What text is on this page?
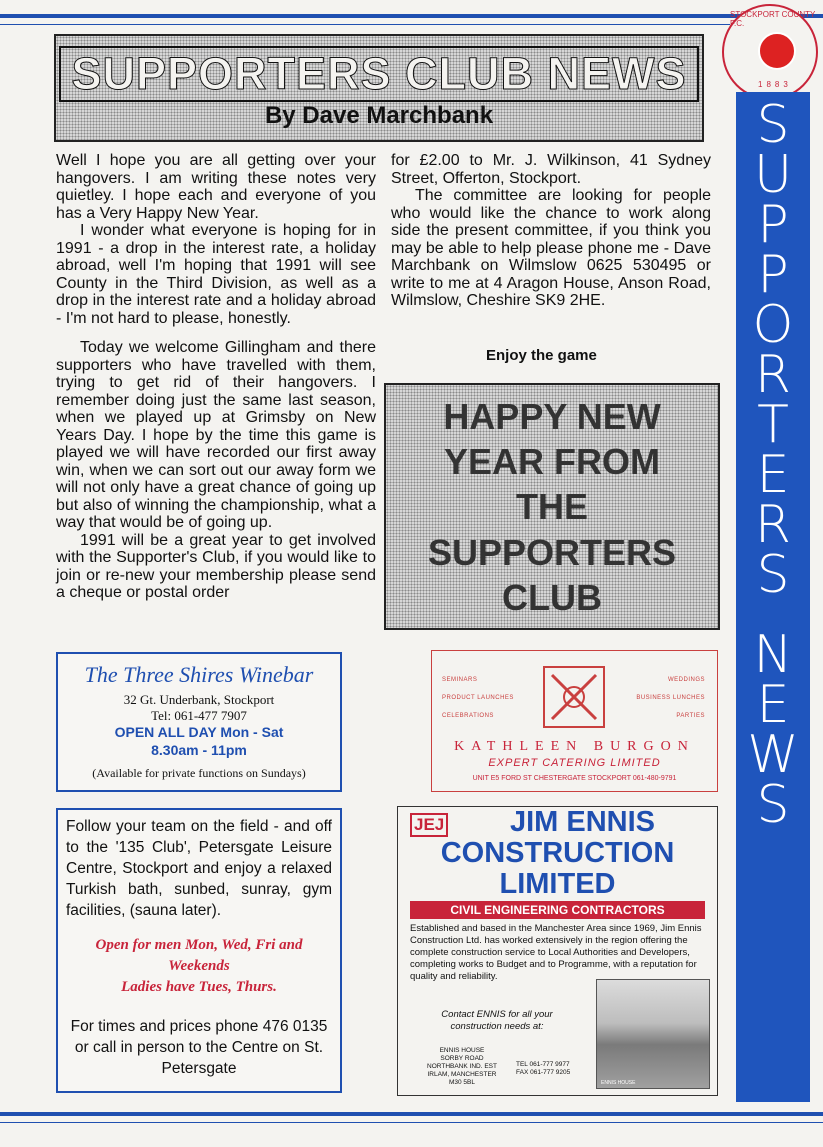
SUPPORTERS CLUB NEWS
By Dave Marchbank
STOCKPORT COUNTY F.C.
1883
S
U
P
P
O
R
T
E
R
S
N
E
W
S

Well I hope you are all getting over your hangovers. I am writing these notes very quietley. I hope each and everyone of you has a Very Happy New Year.

I wonder what everyone is hoping for in 1991 - a drop in the interest rate, a holiday abroad, well I'm hoping that 1991 will see County in the Third Division, as well as a drop in the interest rate and a holiday abroad - I'm not hard to please, honestly.

Today we welcome Gillingham and there supporters who have travelled with them, trying to get rid of their hangovers. I remember doing just the same last season, when we played up at Grimsby on New Years Day. I hope by the time this game is played we will have recorded our first away win, when we can sort out our away form we will not only have a great chance of going up but also of winning the championship, what a way that would be of going up.

1991 will be a great year to get involved with the Supporter's Club, if you would like to join or re-new your membership please send a cheque or postal order

for £2.00 to Mr. J. Wilkinson, 41 Sydney Street, Offerton, Stockport.

The committee are looking for people who would like the chance to work along side the present committee, if you think you may be able to help please phone me - Dave Marchbank on Wilmslow 0625 530495 or write to me at 4 Aragon House, Anson Road, Wilmslow, Cheshire SK9 2HE.

Enjoy the game
HAPPY NEW
YEAR FROM
THE
SUPPORTERS
CLUB
The Three Shires Winebar
32 Gt. Underbank, Stockport
Tel: 061-477 7907
OPEN ALL DAY Mon - Sat
8.30am - 11pm
(Available for private functions on Sundays)
SEMINARS
PRODUCT LAUNCHES
CELEBRATIONS
WEDDINGS
BUSINESS LUNCHES
PARTIES
KATHLEEN BURGON
EXPERT CATERING LIMITED
UNIT E5 FORD ST CHESTERGATE STOCKPORT 061-480-9791
Follow your team on the field - and off to the '135 Club', Petersgate Leisure Centre, Stockport and enjoy a relaxed Turkish bath, sunbed, sunray, gym facilities, (sauna later).
Open for men Mon, Wed, Fri and
Weekends
Ladies have Tues, Thurs.
For times and prices phone 476 0135 or call in person to the Centre on St. Petersgate
JEJ	JIM ENNIS
CONSTRUCTION
LIMITED
CIVIL ENGINEERING CONTRACTORS
Established and based in the Manchester Area since 1969, Jim Ennis Construction Ltd. has worked extensively in the region offering the complete construction service to Local Authorities and Developers, completing works to Budget and to Programme, with a reputation for quality and reliability.
Contact ENNIS for all your construction needs at:
ENNIS HOUSE
SORBY ROAD
NORTHBANK IND. EST
IRLAM, MANCHESTER
M30 5BL
TEL 061-777 9977
FAX 061-777 9205
ENNIS HOUSE
